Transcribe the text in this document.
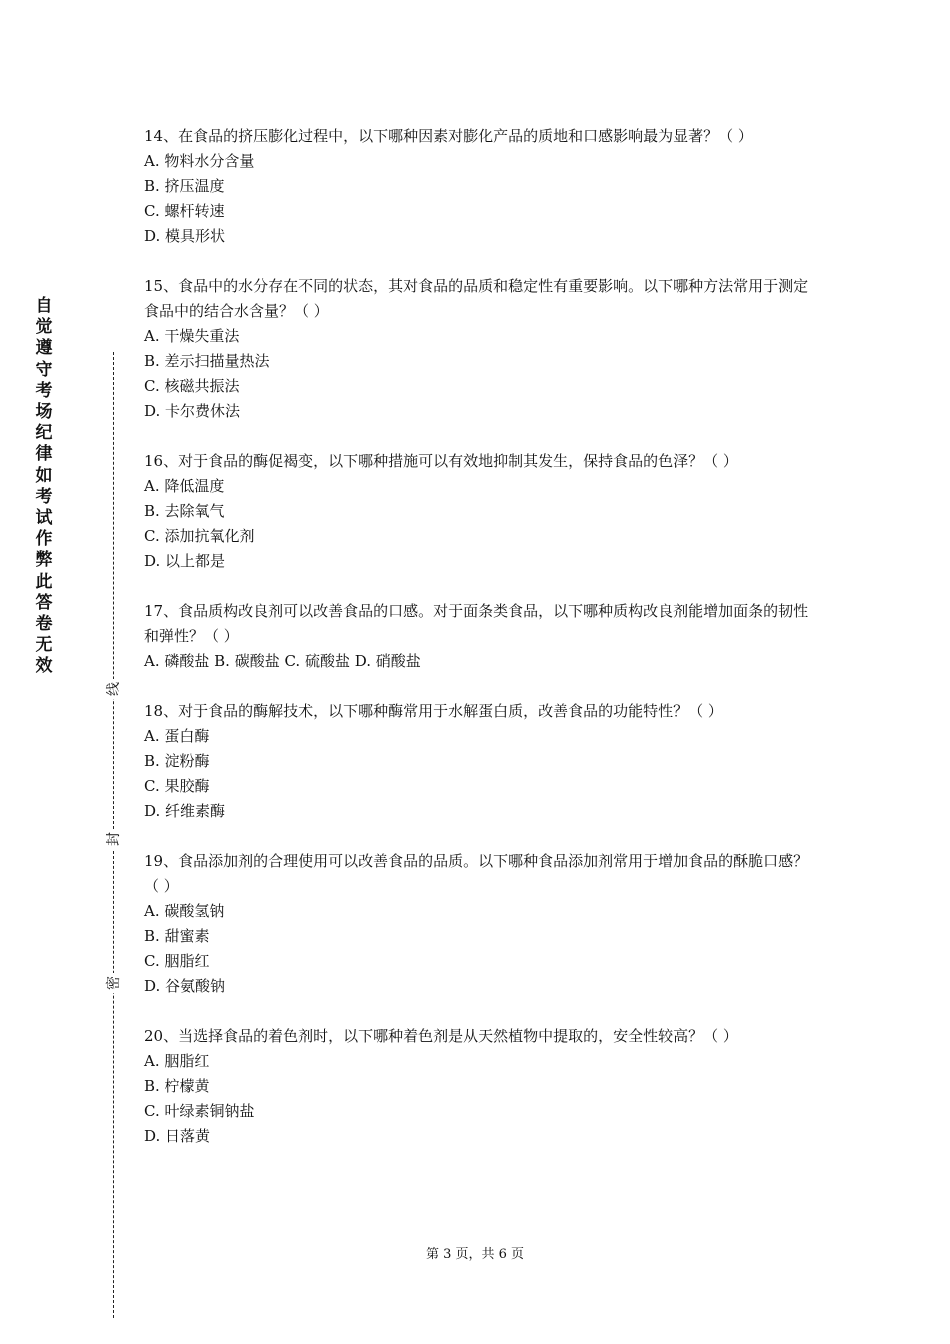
自觉遵守考场纪律如考试作弊此答卷无效
线
封
密

14、在食品的挤压膨化过程中，以下哪种因素对膨化产品的质地和口感影响最为显著？（ ）

A. 物料水分含量

B. 挤压温度

C. 螺杆转速

D. 模具形状

15、食品中的水分存在不同的状态，其对食品的品质和稳定性有重要影响。以下哪种方法常用于测定食品中的结合水含量？（ ）

A. 干燥失重法

B. 差示扫描量热法

C. 核磁共振法

D. 卡尔费休法

16、对于食品的酶促褐变，以下哪种措施可以有效地抑制其发生，保持食品的色泽？（ ）

A. 降低温度

B. 去除氧气

C. 添加抗氧化剂

D. 以上都是

17、食品质构改良剂可以改善食品的口感。对于面条类食品，以下哪种质构改良剂能增加面条的韧性和弹性？（ ）

A. 磷酸盐 B. 碳酸盐 C. 硫酸盐 D. 硝酸盐

18、对于食品的酶解技术，以下哪种酶常用于水解蛋白质，改善食品的功能特性？（ ）

A. 蛋白酶

B. 淀粉酶

C. 果胶酶

D. 纤维素酶

19、食品添加剂的合理使用可以改善食品的品质。以下哪种食品添加剂常用于增加食品的酥脆口感？（ ）

A. 碳酸氢钠

B. 甜蜜素

C. 胭脂红

D. 谷氨酸钠

20、当选择食品的着色剂时，以下哪种着色剂是从天然植物中提取的，安全性较高？（ ）

A. 胭脂红

B. 柠檬黄

C. 叶绿素铜钠盐

D. 日落黄

第 3 页，共 6 页
